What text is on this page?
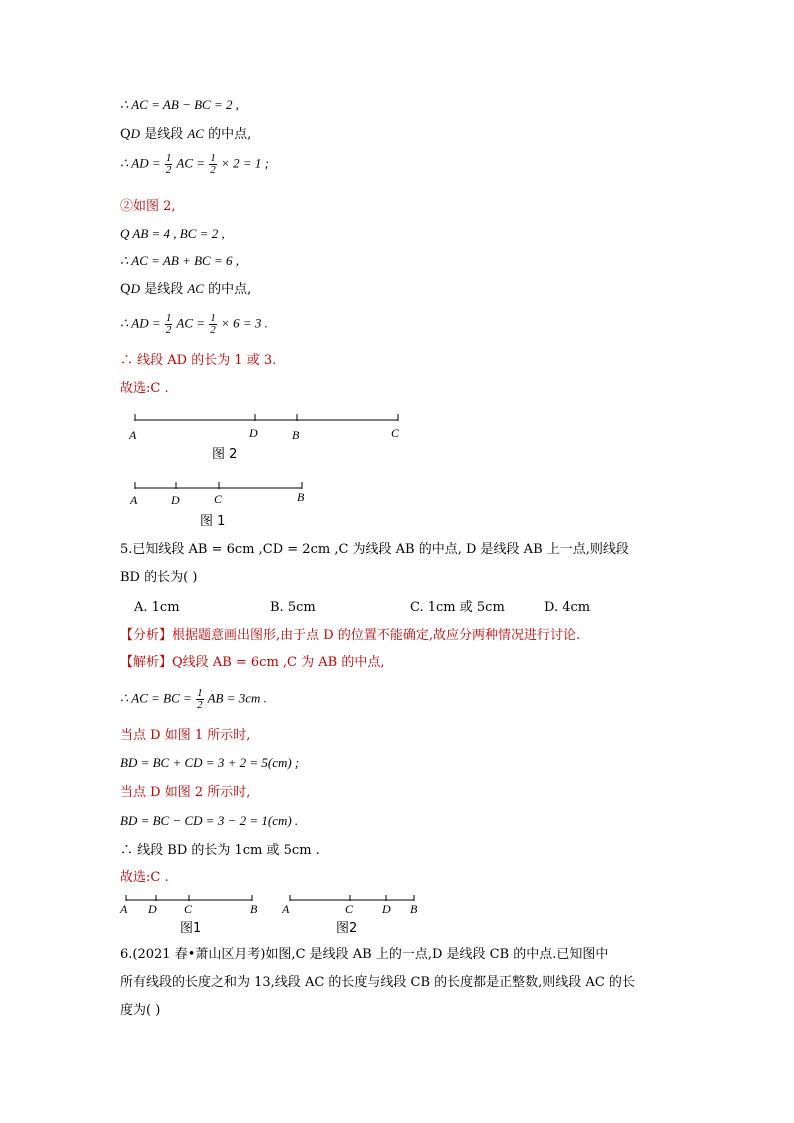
∴ AC = AB − BC = 2 ,
QD 是线段 AC 的中点,
∴ AD = $\frac{1}{2}$ AC = $\frac{1}{2} \times 2 = 1$ ;
②如图 2,
Q AB = 4 , BC = 2 ,
∴ AC = AB + BC = 6 ,
QD 是线段 AC 的中点,
∴ AD = $\frac{1}{2}$ AC = $\frac{1}{2} \times 6 = 3$ .
∴ 线段 AD 的长为 1 或 3.
故选:C .
A	D	B	C
图 2
A	D	C	B
图 1
5.已知线段 AB = 6cm ,CD = 2cm ,C 为线段 AB 的中点, D 是线段 AB 上一点,则线段
BD 的长为( )
A. 1cm	B. 5cm	C. 1cm 或 5cm	D. 4cm
【分析】根据题意画出图形,由于点 D 的位置不能确定,故应分两种情况进行讨论.
【解析】Q线段 AB = 6cm ,C 为 AB 的中点,
∴ AC = BC = $\frac{1}{2}$ AB = 3cm .
当点 D 如图 1 所示时,
BD = BC + CD = 3 + 2 = 5(cm) ;
当点 D 如图 2 所示时,
BD = BC − CD = 3 − 2 = 1(cm) .
∴ 线段 BD 的长为 1cm 或 5cm .
故选:C .
A D C	B
图1
A	C D B
图2
6.(2021 春•萧山区月考)如图,C 是线段 AB 上的一点,D 是线段 CB 的中点.已知图中
所有线段的长度之和为 13,线段 AC 的长度与线段 CB 的长度都是正整数,则线段 AC 的长
度为( )
